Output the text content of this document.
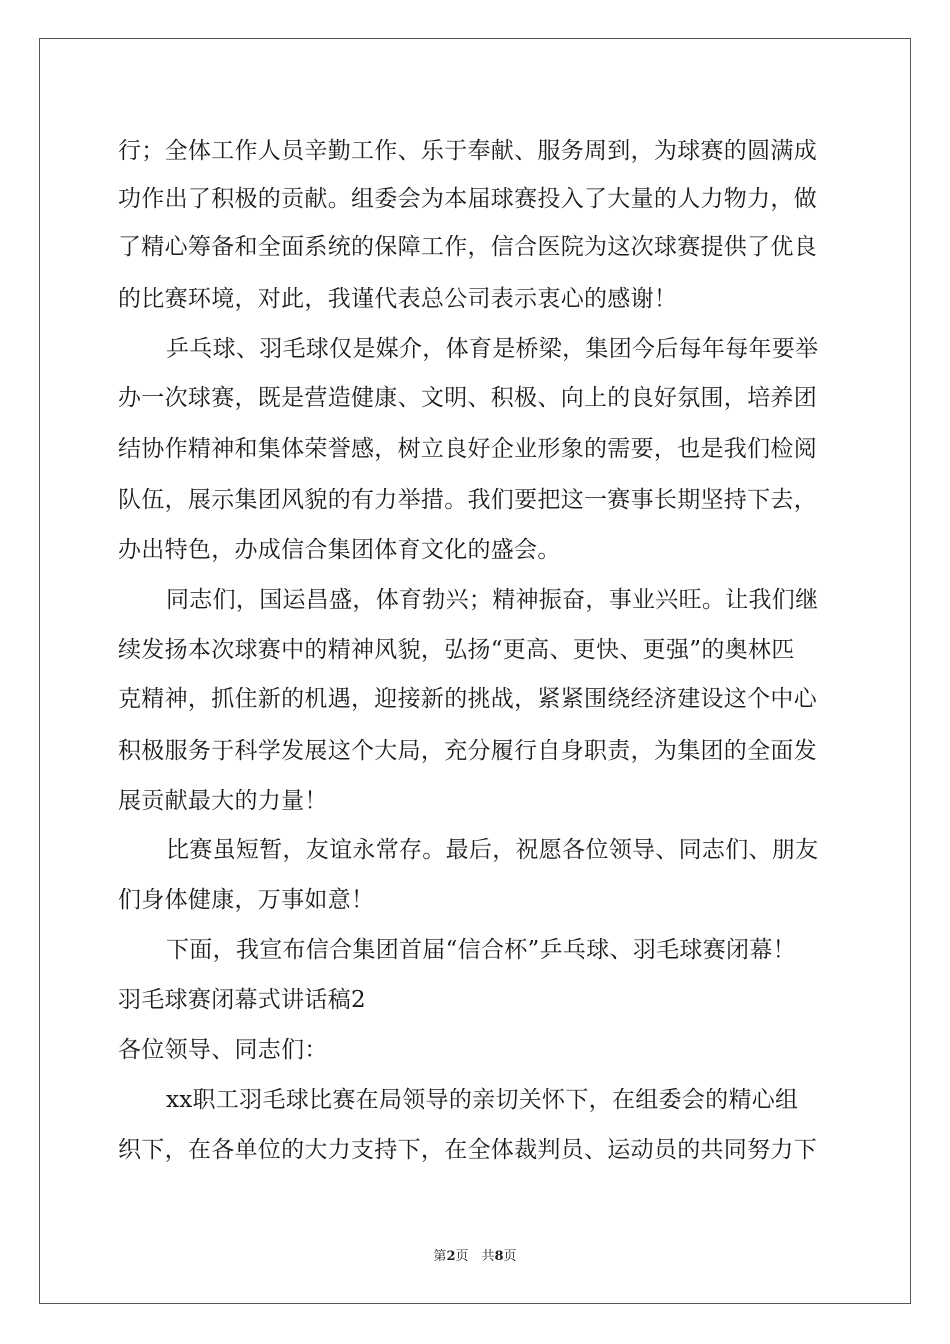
行；全体工作人员辛勤工作、乐于奉献、服务周到，为球赛的圆满成
功作出了积极的贡献。组委会为本届球赛投入了大量的人力物力，做
了精心筹备和全面系统的保障工作，信合医院为这次球赛提供了优良
的比赛环境，对此，我谨代表总公司表示衷心的感谢！
乒乓球、羽毛球仅是媒介，体育是桥梁，集团今后每年每年要举
办一次球赛，既是营造健康、文明、积极、向上的良好氛围，培养团
结协作精神和集体荣誉感，树立良好企业形象的需要，也是我们检阅
队伍，展示集团风貌的有力举措。我们要把这一赛事长期坚持下去，
办出特色，办成信合集团体育文化的盛会。
同志们，国运昌盛，体育勃兴；精神振奋，事业兴旺。让我们继
续发扬本次球赛中的精神风貌，弘扬“更高、更快、更强”的奥林匹
克精神，抓住新的机遇，迎接新的挑战，紧紧围绕经济建设这个中心
积极服务于科学发展这个大局，充分履行自身职责，为集团的全面发
展贡献最大的力量！
比赛虽短暂，友谊永常存。最后，祝愿各位领导、同志们、朋友
们身体健康，万事如意！
下面，我宣布信合集团首届“信合杯”乒乓球、羽毛球赛闭幕！
羽毛球赛闭幕式讲话稿2
各位领导、同志们：
xx职工羽毛球比赛在局领导的亲切关怀下，在组委会的精心组
织下，在各单位的大力支持下，在全体裁判员、运动员的共同努力下
第2页　共8页
